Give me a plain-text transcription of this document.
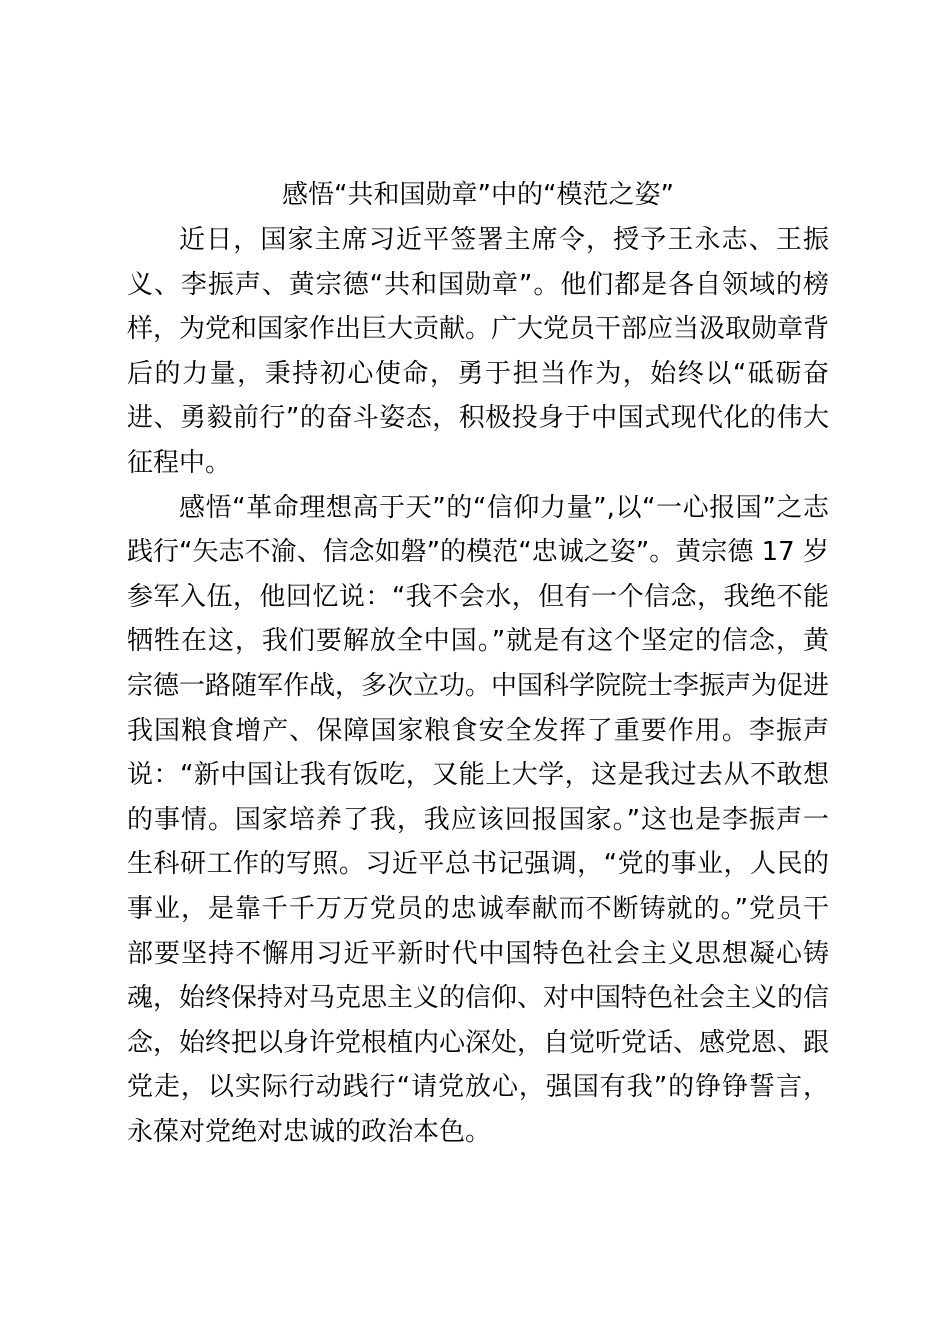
感悟“共和国勋章”中的“模范之姿”

近日，国家主席习近平签署主席令，授予王永志、王振义、李振声、黄宗德“共和国勋章”。他们都是各自领域的榜样，为党和国家作出巨大贡献。广大党员干部应当汲取勋章背后的力量，秉持初心使命，勇于担当作为，始终以“砥砺奋进、勇毅前行”的奋斗姿态，积极投身于中国式现代化的伟大征程中。

感悟“革命理想高于天”的“信仰力量”,以“一心报国”之志践行“矢志不渝、信念如磐”的模范“忠诚之姿”。黄宗德 17 岁参军入伍，他回忆说：“我不会水，但有一个信念，我绝不能牺牲在这，我们要解放全中国。”就是有这个坚定的信念，黄宗德一路随军作战，多次立功。中国科学院院士李振声为促进我国粮食增产、保障国家粮食安全发挥了重要作用。李振声说：“新中国让我有饭吃，又能上大学，这是我过去从不敢想的事情。国家培养了我，我应该回报国家。”这也是李振声一生科研工作的写照。习近平总书记强调，“党的事业，人民的事业，是靠千千万万党员的忠诚奉献而不断铸就的。”党员干部要坚持不懈用习近平新时代中国特色社会主义思想凝心铸魂，始终保持对马克思主义的信仰、对中国特色社会主义的信念，始终把以身许党根植内心深处，自觉听党话、感党恩、跟党走，以实际行动践行“请党放心，强国有我”的铮铮誓言，永葆对党绝对忠诚的政治本色。
